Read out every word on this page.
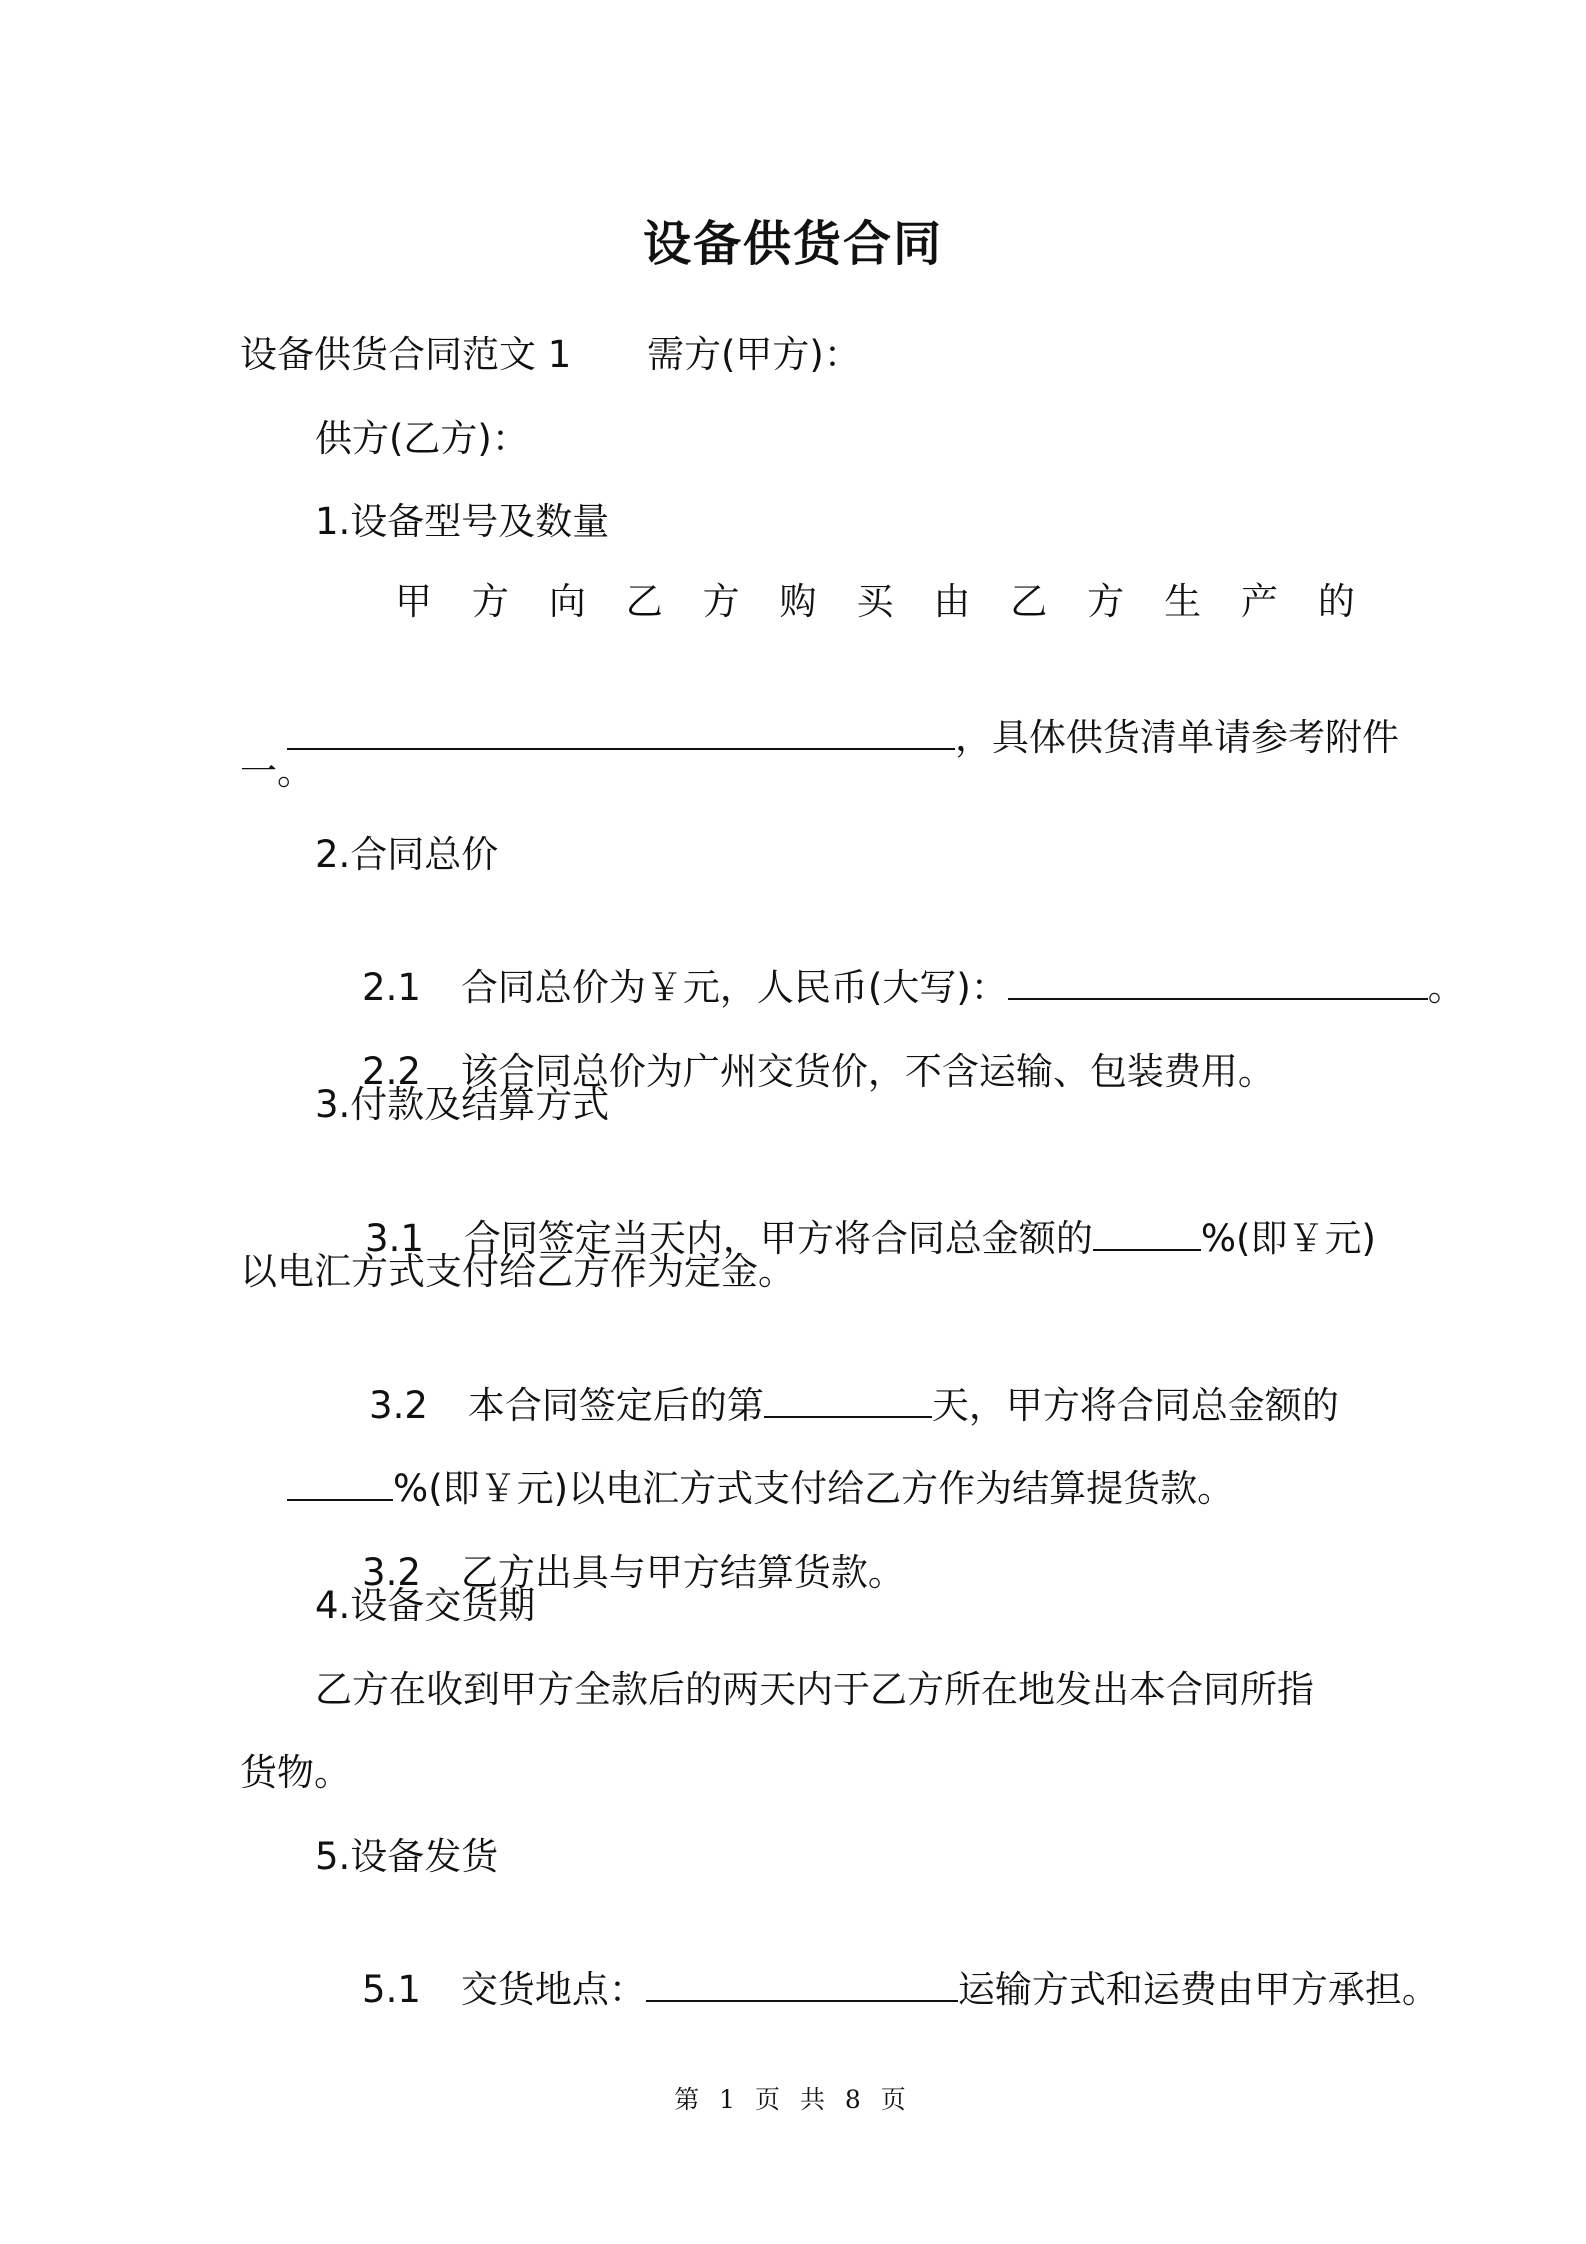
设备供货合同
设备供货合同范文 1 需方(甲方)：
供方(乙方)：
1.设备型号及数量
甲 方 向 乙 方 购 买 由 乙 方 生 产 的

，具体供货清单请参考附件

一。
2.合同总价

2.1 合同总价为￥元，人民币(大写)：	。

2.2 该合同总价为广州交货价，不含运输、包装费用。

3.付款及结算方式

3.1 合同签定当天内，甲方将合同总金额的	%(即￥元)

以电汇方式支付给乙方作为定金。

3.2 本合同签定后的第	天，甲方将合同总金额的

%(即￥元)以电汇方式支付给乙方作为结算提货款。

3.2 乙方出具与甲方结算货款。

4.设备交货期
乙方在收到甲方全款后的两天内于乙方所在地发出本合同所指
货物。
5.设备发货

5.1 交货地点：	运输方式和运费由甲方承担。

第 1 页 共 8 页
